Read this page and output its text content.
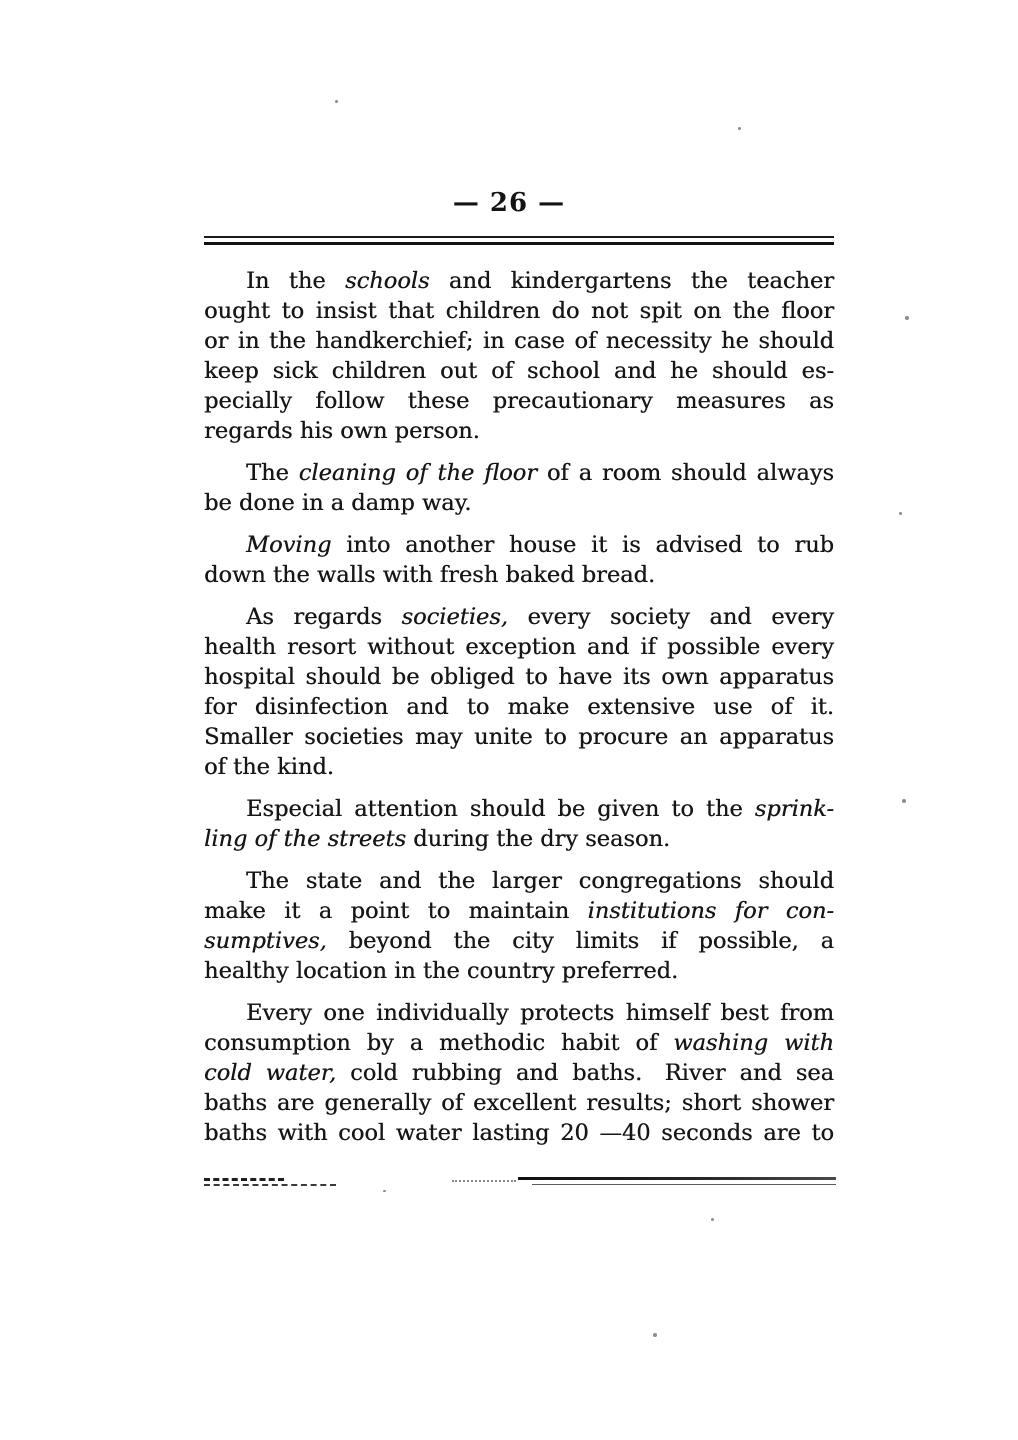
— 26 —
In the schools and kindergartens the teacher
ought to insist that children do not spit on the floor
or in the handkerchief; in case of necessity he should
keep sick children out of school and he should es-
pecially follow these precautionary measures as
regards his own person.
The cleaning of the floor of a room should always
be done in a damp way.
Moving into another house it is advised to rub
down the walls with fresh baked bread.
As regards societies, every society and every
health resort without exception and if possible every
hospital should be obliged to have its own apparatus
for disinfection and to make extensive use of it.
Smaller societies may unite to procure an apparatus
of the kind.
Especial attention should be given to the sprink-
ling of the streets during the dry season.
The state and the larger congregations should
make it a point to maintain institutions for con-
sumptives, beyond the city limits if possible, a
healthy location in the country preferred.
Every one individually protects himself best from
consumption by a methodic habit of washing with
cold water, cold rubbing and baths. River and sea
baths are generally of excellent results; short shower
baths with cool water lasting 20 —40 seconds are to
